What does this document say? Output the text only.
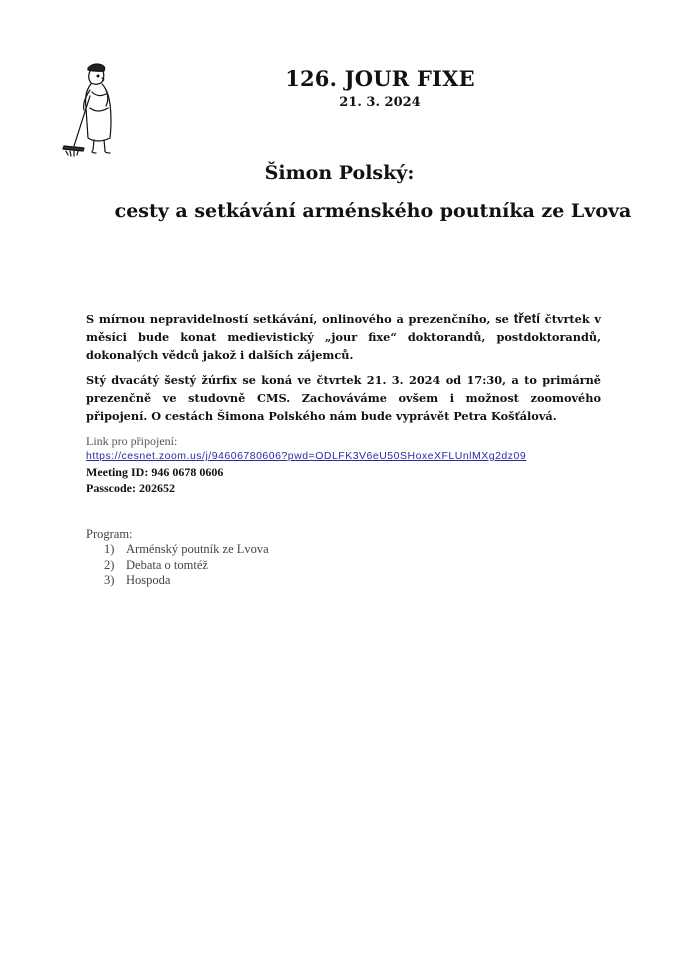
126. JOUR FIXE
21. 3. 2024
Šimon Polský:
cesty a setkávání arménského poutníka ze Lvova
S mírnou nepravidelností setkávání, onlinového a prezenčního, se třetí čtvrtek v měsíci bude konat medievistický „jour fixe“ doktorandů, postdoktorandů, dokonalých vědců jakož i dalších zájemců.
Stý dvacátý šestý žúrfix se koná ve čtvrtek 21. 3. 2024 od 17:30, a to primárně prezenčně ve studovně CMS. Zachováváme ovšem i možnost zoomového připojení. O cestách Šimona Polského nám bude vyprávět Petra Košťálová.
Link pro připojení:
https://cesnet.zoom.us/j/94606780606?pwd=ODLFK3V6eU50SHoxeXFLUnlMXg2dz09
Meeting ID: 946 0678 0606
Passcode: 202652
Program:
1) Arménský poutník ze Lvova
2) Debata o tomtéž
3) Hospoda
